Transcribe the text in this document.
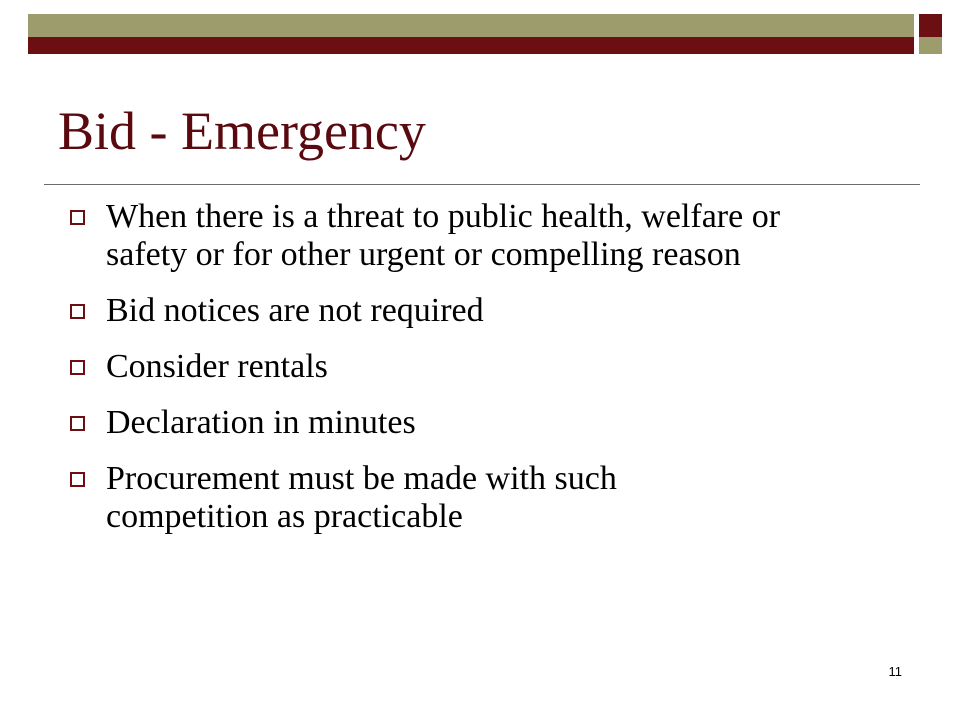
Bid - Emergency
When there is a threat to public health, welfare or safety or for other urgent or compelling reason
Bid notices are not required
Consider rentals
Declaration in minutes
Procurement must be made with such competition as practicable
11
